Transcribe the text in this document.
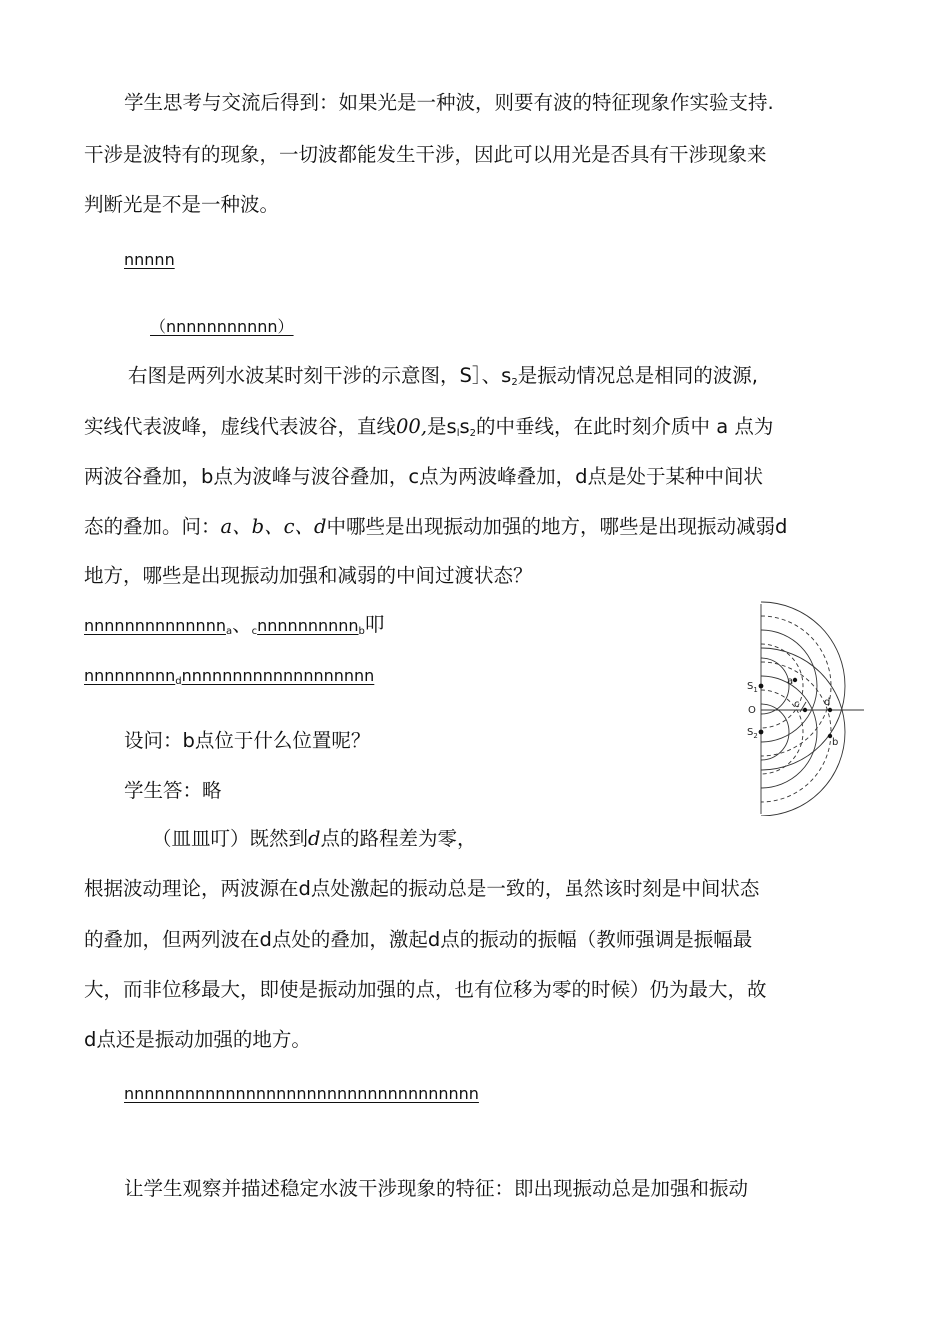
学生思考与交流后得到：如果光是一种波，则要有波的特征现象作实验支持.
干涉是波特有的现象，一切波都能发生干涉，因此可以用光是否具有干涉现象来
判断光是不是一种波。
nnnnn
（nnnnnnnnnnn）
右图是两列水波某时刻干涉的示意图，S］、$s_2$是振动情况总是相同的波源,
实线代表波峰，虚线代表波谷，直线00,是$s_ls_2$的中垂线，在此时刻介质中 a 点为
两波谷叠加，b点为波峰与波谷叠加，c点为两波峰叠加，d点是处于某种中间状
态的叠加。问：a、b、c、d中哪些是出现振动加强的地方，哪些是出现振动减弱d
地方，哪些是出现振动加强和减弱的中间过渡状态？
nnnnnnnnnnnnnn$_a$、$_c$nnnnnnnnnn$_b$叩
nnnnnnnnn$_d$nnnnnnnnnnnnnnnnnnn
设问：b点位于什么位置呢？
学生答：略
（皿皿叮）既然到d点的路程差为零，
根据波动理论，两波源在d点处激起的振动总是一致的，虽然该时刻是中间状态
的叠加，但两列波在d点处的叠加，激起d点的振动的振幅（教师强调是振幅最
大，而非位移最大，即使是振动加强的点，也有位移为零的时候）仍为最大，故
d点还是振动加强的地方。
nnnnnnnnnnnnnnnnnnnnnnnnnnnnnnnnnnn
让学生观察并描述稳定水波干涉现象的特征：即出现振动总是加强和振动
$S_1$
O
$S_2$
a
c d
b
